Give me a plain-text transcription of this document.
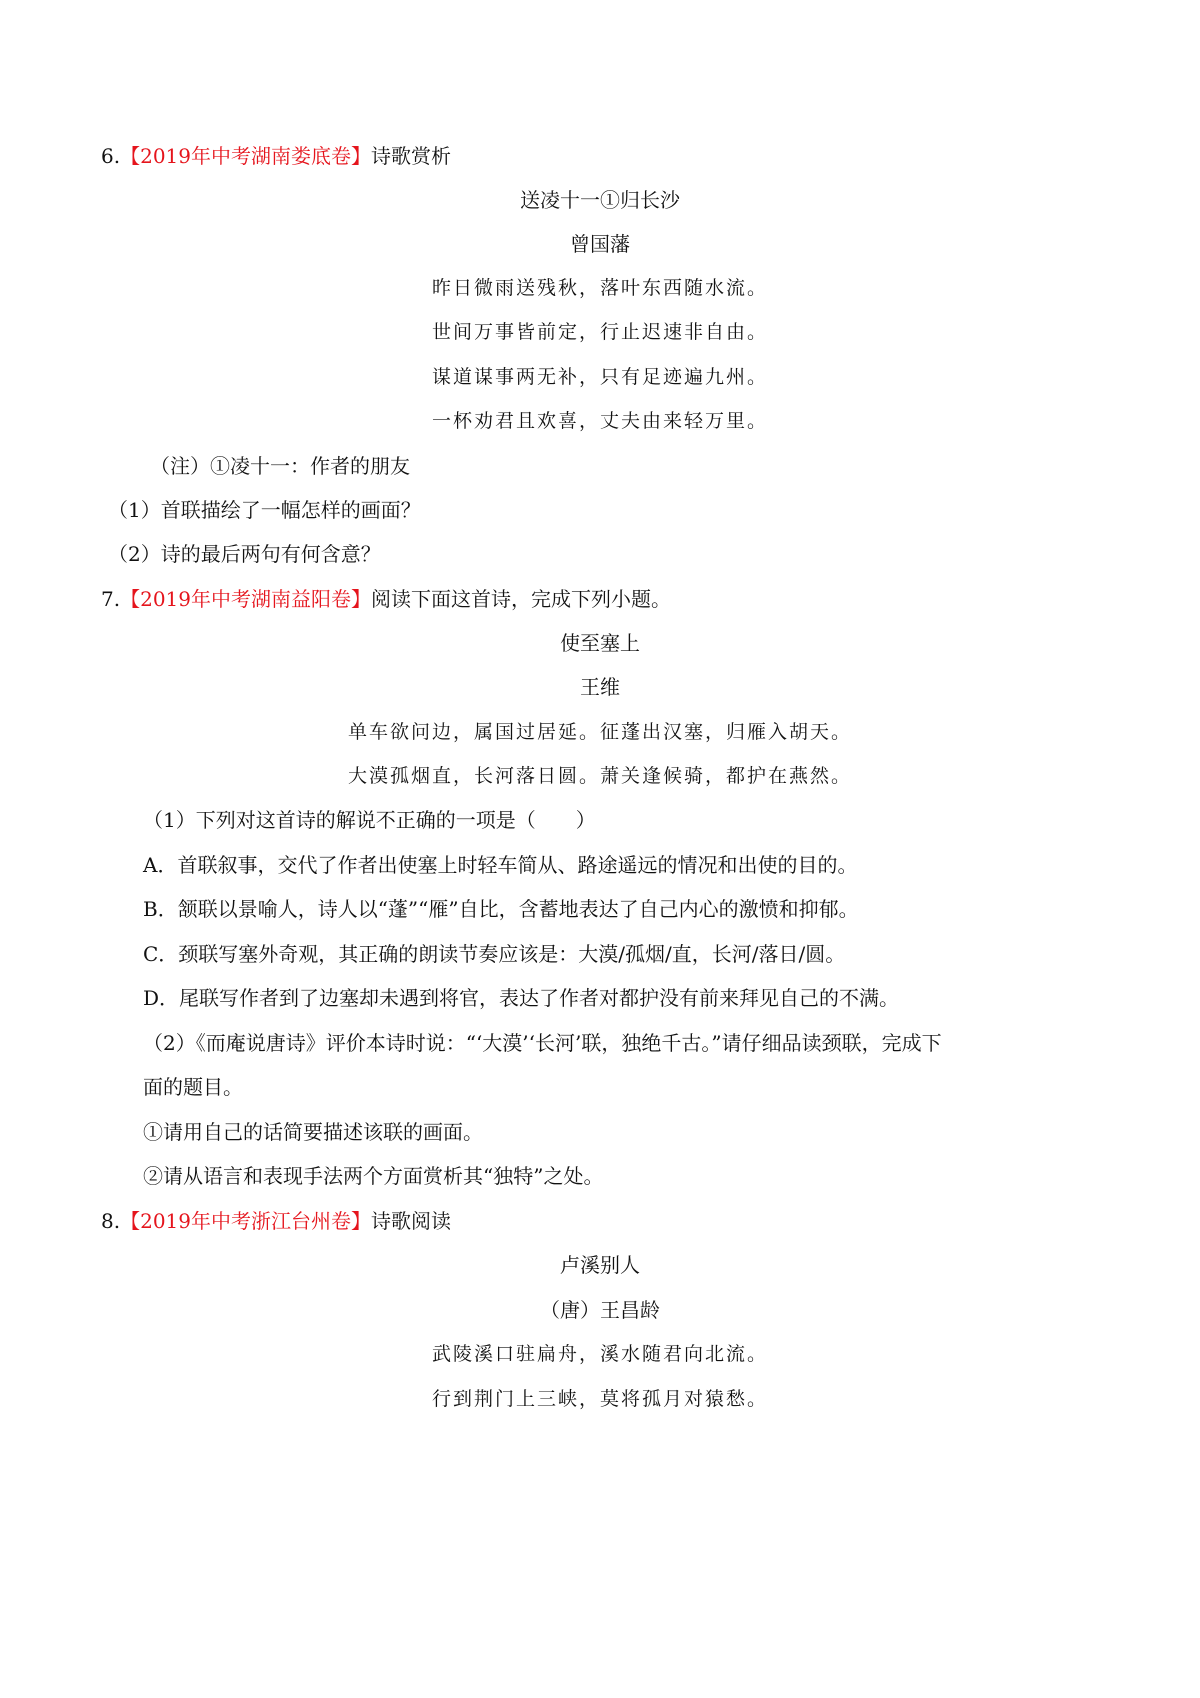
6.【2019年中考湖南娄底卷】诗歌赏析
送凌十一①归长沙
曾国藩
昨日微雨送残秋，落叶东西随水流。
世间万事皆前定，行止迟速非自由。
谋道谋事两无补，只有足迹遍九州。
一杯劝君且欢喜，丈夫由来轻万里。
（注）①凌十一：作者的朋友
（1）首联描绘了一幅怎样的画面？
（2）诗的最后两句有何含意？
7.【2019年中考湖南益阳卷】阅读下面这首诗，完成下列小题。
使至塞上
王维
单车欲问边，属国过居延。征蓬出汉塞，归雁入胡天。
大漠孤烟直，长河落日圆。萧关逢候骑，都护在燕然。
（1）下列对这首诗的解说不正确的一项是（　　）
A．首联叙事，交代了作者出使塞上时轻车简从、路途遥远的情况和出使的目的。
B．颔联以景喻人，诗人以“蓬”“雁”自比，含蓄地表达了自己内心的激愤和抑郁。
C．颈联写塞外奇观，其正确的朗读节奏应该是：大漠/孤烟/直，长河/落日/圆。
D．尾联写作者到了边塞却未遇到将官，表达了作者对都护没有前来拜见自己的不满。
（2）《而庵说唐诗》评价本诗时说：“‘大漠’‘长河’联，独绝千古。”请仔细品读颈联，完成下
面的题目。
①请用自己的话简要描述该联的画面。
②请从语言和表现手法两个方面赏析其“独特”之处。
8.【2019年中考浙江台州卷】诗歌阅读
卢溪别人
（唐）王昌龄
武陵溪口驻扁舟，溪水随君向北流。
行到荆门上三峡，莫将孤月对猿愁。
